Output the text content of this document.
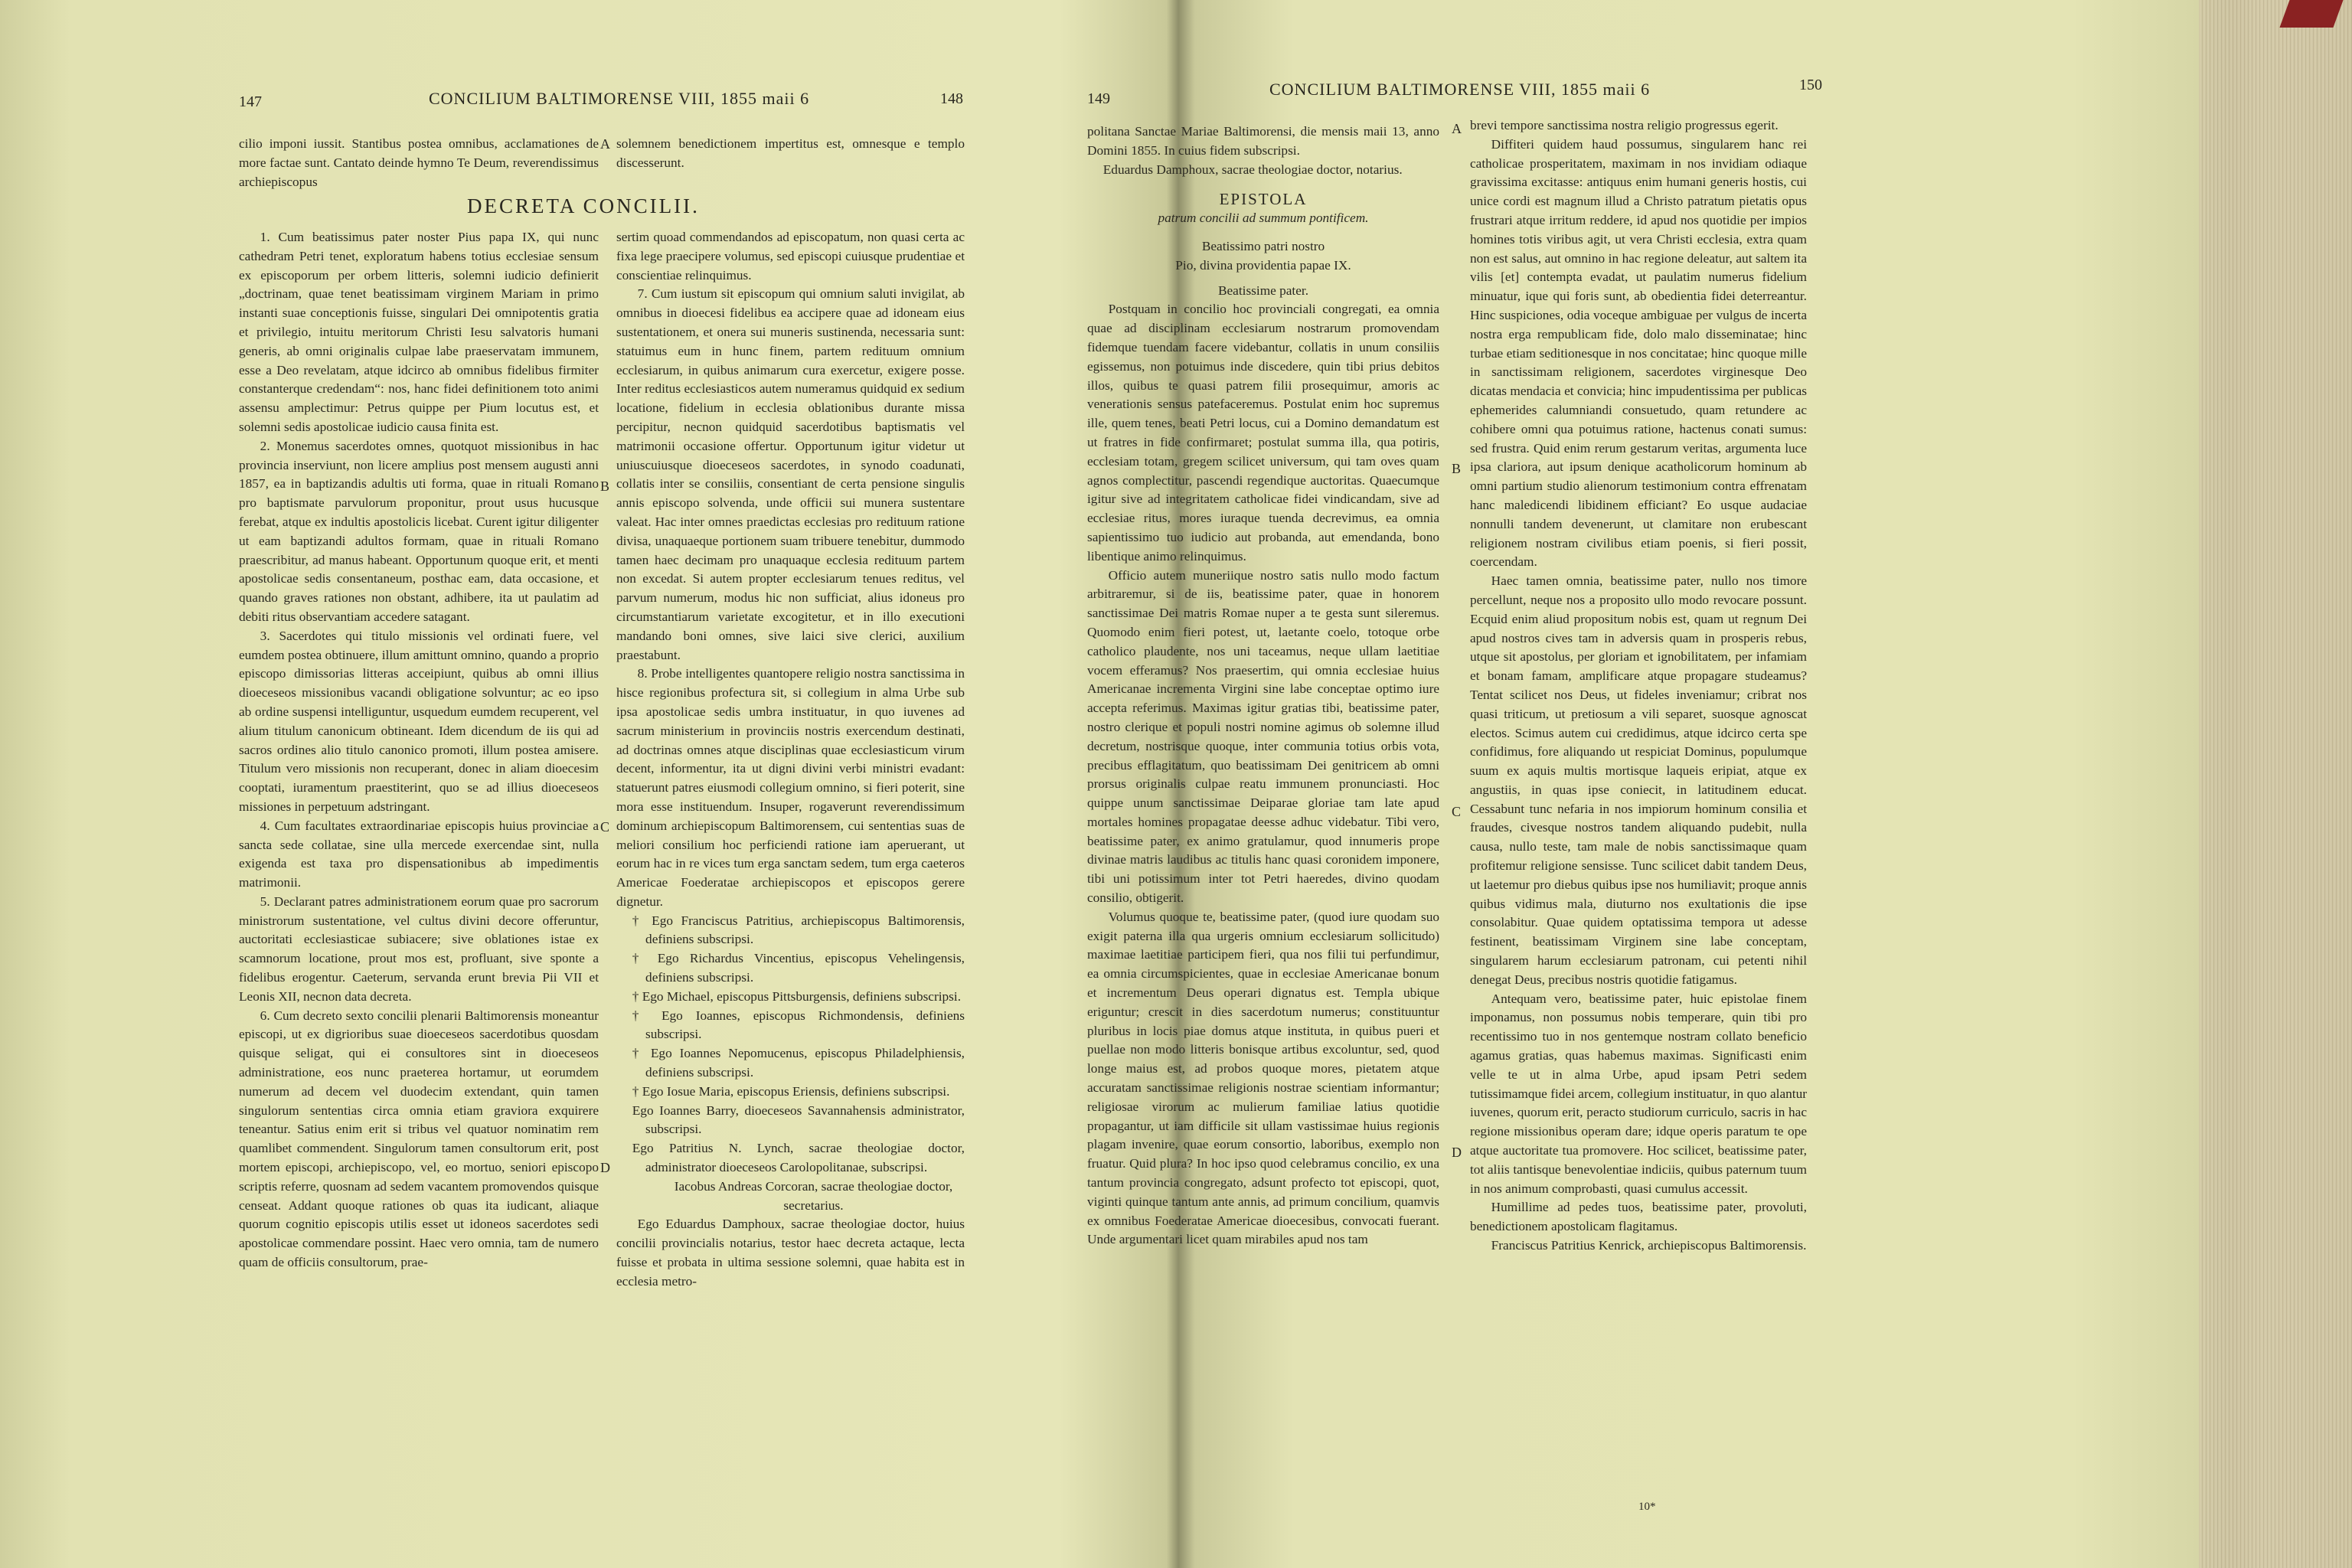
147	CONCILIUM BALTIMORENSE VIII, 1855 maii 6	148

cilio imponi iussit. Stantibus postea omnibus, acclamationes de more factae sunt. Cantato deinde hymno Te Deum, reverendissimus archiepiscopus

solemnem benedictionem impertitus est, omnesque e templo discesserunt.

DECRETA CONCILII.

1. Cum beatissimus pater noster Pius papa IX, qui nunc cathedram Petri tenet, exploratum habens totius ecclesiae sensum ex episcoporum per orbem litteris, solemni iudicio definierit „doctrinam, quae tenet beatissimam virginem Mariam in primo instanti suae conceptionis fuisse, singulari Dei omnipotentis gratia et privilegio, intuitu meritorum Christi Iesu salvatoris humani generis, ab omni originalis culpae labe praeservatam immunem, esse a Deo revelatam, atque idcirco ab omnibus fidelibus firmiter constanterque credendam“: nos, hanc fidei definitionem toto animi assensu amplectimur: Petrus quippe per Pium locutus est, et solemni sedis apostolicae iudicio causa finita est.

2. Monemus sacerdotes omnes, quotquot missionibus in hac provincia inserviunt, non licere amplius post mensem augusti anni 1857, ea in baptizandis adultis uti forma, quae in rituali Romano pro baptismate parvulorum proponitur, prout usus hucusque ferebat, atque ex indultis apostolicis licebat. Curent igitur diligenter ut eam baptizandi adultos formam, quae in rituali Romano praescribitur, ad manus habeant. Opportunum quoque erit, et menti apostolicae sedis consentaneum, posthac eam, data occasione, et quando graves rationes non obstant, adhibere, ita ut paulatim ad debiti ritus observantiam accedere satagant.

3. Sacerdotes qui titulo missionis vel ordinati fuere, vel eumdem postea obtinuere, illum amittunt omnino, quando a proprio episcopo dimissorias litteras acceipiunt, quibus ab omni illius dioeceseos missionibus vacandi obligatione solvuntur; ac eo ipso ab ordine suspensi intelliguntur, usquedum eumdem recuperent, vel alium titulum canonicum obtineant. Idem dicendum de iis qui ad sacros ordines alio titulo canonico promoti, illum postea amisere. Titulum vero missionis non recuperant, donec in aliam dioecesim cooptati, iuramentum praestiterint, quo se ad illius dioeceseos missiones in perpetuum adstringant.

4. Cum facultates extraordinariae episcopis huius provinciae a sancta sede collatae, sine ulla mercede exercendae sint, nulla exigenda est taxa pro dispensationibus ab impedimentis matrimonii.

5. Declarant patres administrationem eorum quae pro sacrorum ministrorum sustentatione, vel cultus divini decore offeruntur, auctoritati ecclesiasticae subiacere; sive oblationes istae ex scamnorum locatione, prout mos est, profluant, sive sponte a fidelibus erogentur. Caeterum, servanda erunt brevia Pii VII et Leonis XII, necnon data decreta.

6. Cum decreto sexto concilii plenarii Baltimorensis moneantur episcopi, ut ex digrioribus suae dioeceseos sacerdotibus quosdam quisque seligat, qui ei consultores sint in dioeceseos administratione, eos nunc praeterea hortamur, ut eorumdem numerum ad decem vel duodecim extendant, quin tamen singulorum sententias circa omnia etiam graviora exquirere teneantur. Satius enim erit si tribus vel quatuor nominatim rem quamlibet commendent. Singulorum tamen consultorum erit, post mortem episcopi, archiepiscopo, vel, eo mortuo, seniori episcopo scriptis referre, quosnam ad sedem vacantem promovendos quisque censeat. Addant quoque rationes ob quas ita iudicant, aliaque quorum cognitio episcopis utilis esset ut idoneos sacerdotes sedi apostolicae commendare possint. Haec vero omnia, tam de numero quam de officiis consultorum, prae-

sertim quoad commendandos ad episcopatum, non quasi certa ac fixa lege praecipere volumus, sed episcopi cuiusque prudentiae et conscientiae relinquimus.

7. Cum iustum sit episcopum qui omnium saluti invigilat, ab omnibus in dioecesi fidelibus ea accipere quae ad idoneam eius sustentationem, et onera sui muneris sustinenda, necessaria sunt: statuimus eum in hunc finem, partem redituum omnium ecclesiarum, in quibus animarum cura exercetur, exigere posse. Inter reditus ecclesiasticos autem numeramus quidquid ex sedium locatione, fidelium in ecclesia oblationibus durante missa percipitur, necnon quidquid sacerdotibus baptismatis vel matrimonii occasione offertur. Opportunum igitur videtur ut uniuscuiusque dioeceseos sacerdotes, in synodo coadunati, collatis inter se consiliis, consentiant de certa pensione singulis annis episcopo solvenda, unde officii sui munera sustentare valeat. Hac inter omnes praedictas ecclesias pro redituum ratione divisa, unaquaeque portionem suam tribuere tenebitur, dummodo tamen haec decimam pro unaquaque ecclesia redituum partem non excedat. Si autem propter ecclesiarum tenues reditus, vel parvum numerum, modus hic non sufficiat, alius idoneus pro circumstantiarum varietate excogitetur, et in illo executioni mandando boni omnes, sive laici sive clerici, auxilium praestabunt.

8. Probe intelligentes quantopere religio nostra sanctissima in hisce regionibus profectura sit, si collegium in alma Urbe sub ipsa apostolicae sedis umbra instituatur, in quo iuvenes ad sacrum ministerium in provinciis nostris exercendum destinati, ad doctrinas omnes atque disciplinas quae ecclesiasticum virum decent, informentur, ita ut digni divini verbi ministri evadant: statuerunt patres eiusmodi collegium omnino, si fieri poterit, sine mora esse instituendum. Insuper, rogaverunt reverendissimum dominum archiepiscopum Baltimorensem, cui sententias suas de meliori consilium hoc perficiendi ratione iam aperuerant, ut eorum hac in re vices tum erga sanctam sedem, tum erga caeteros Americae Foederatae archiepiscopos et episcopos gerere dignetur.

† Ego Franciscus Patritius, archiepiscopus Baltimorensis, definiens subscripsi.

† Ego Richardus Vincentius, episcopus Vehelingensis, definiens subscripsi.

† Ego Michael, episcopus Pittsburgensis, definiens subscripsi.

† Ego Ioannes, episcopus Richmondensis, definiens subscripsi.

† Ego Ioannes Nepomucenus, episcopus Philadelphiensis, definiens subscripsi.

† Ego Iosue Maria, episcopus Eriensis, definiens subscripsi.

Ego Ioannes Barry, dioeceseos Savannahensis administrator, subscripsi.

Ego Patritius N. Lynch, sacrae theologiae doctor, administrator dioeceseos Carolopolitanae, subscripsi.

Iacobus Andreas Corcoran, sacrae theologiae doctor, secretarius.

Ego Eduardus Damphoux, sacrae theologiae doctor, huius concilii provincialis notarius, testor haec decreta actaque, lecta fuisse et probata in ultima sessione solemni, quae habita est in ecclesia metro-

A
B
C
D
149	CONCILIUM BALTIMORENSE VIII, 1855 maii 6	150

politana Sanctae Mariae Baltimorensi, die mensis maii 13, anno Domini 1855. In cuius fidem subscripsi.

Eduardus Damphoux, sacrae theologiae doctor, notarius.

EPISTOLA
patrum concilii ad summum pontificem.
Beatissimo patri nostro
Pio, divina providentia papae IX.
Beatissime pater.

Postquam in concilio hoc provinciali congregati, ea omnia quae ad disciplinam ecclesiarum nostrarum promovendam fidemque tuendam facere videbantur, collatis in unum consiliis egissemus, non potuimus inde discedere, quin tibi prius debitos illos, quibus te quasi patrem filii prosequimur, amoris ac venerationis sensus patefaceremus. Postulat enim hoc supremus ille, quem tenes, beati Petri locus, cui a Domino demandatum est ut fratres in fide confirmaret; postulat summa illa, qua potiris, ecclesiam totam, gregem scilicet universum, qui tam oves quam agnos complectitur, pascendi regendique auctoritas. Quaecumque igitur sive ad integritatem catholicae fidei vindicandam, sive ad ecclesiae ritus, mores iuraque tuenda decrevimus, ea omnia sapientissimo tuo iudicio aut probanda, aut emendanda, bono libentique animo relinquimus.

Officio autem muneriique nostro satis nullo modo factum arbitraremur, si de iis, beatissime pater, quae in honorem sanctissimae Dei matris Romae nuper a te gesta sunt sileremus. Quomodo enim fieri potest, ut, laetante coelo, totoque orbe catholico plaudente, nos uni taceamus, neque ullam laetitiae vocem efferamus? Nos praesertim, qui omnia ecclesiae huius Americanae incrementa Virgini sine labe conceptae optimo iure accepta referimus. Maximas igitur gratias tibi, beatissime pater, nostro clerique et populi nostri nomine agimus ob solemne illud decretum, nostrisque quoque, inter communia totius orbis vota, precibus efflagitatum, quo beatissimam Dei genitricem ab omni prorsus originalis culpae reatu immunem pronunciasti. Hoc quippe unum sanctissimae Deiparae gloriae tam late apud mortales homines propagatae deesse adhuc videbatur. Tibi vero, beatissime pater, ex animo gratulamur, quod innumeris prope divinae matris laudibus ac titulis hanc quasi coronidem imponere, tibi uni potissimum inter tot Petri haeredes, divino quodam consilio, obtigerit.

Volumus quoque te, beatissime pater, (quod iure quodam suo exigit paterna illa qua urgeris omnium ecclesiarum sollicitudo) maximae laetitiae participem fieri, qua nos filii tui perfundimur, ea omnia circumspicientes, quae in ecclesiae Americanae bonum et incrementum Deus operari dignatus est. Templa ubique eriguntur; crescit in dies sacerdotum numerus; constituuntur pluribus in locis piae domus atque instituta, in quibus pueri et puellae non modo litteris bonisque artibus excoluntur, sed, quod longe maius est, ad probos quoque mores, pietatem atque accuratam sanctissimae religionis nostrae scientiam informantur; religiosae virorum ac mulierum familiae latius quotidie propagantur, ut iam difficile sit ullam vastissimae huius regionis plagam invenire, quae eorum consortio, laboribus, exemplo non fruatur. Quid plura? In hoc ipso quod celebramus concilio, ex una tantum provincia congregato, adsunt profecto tot episcopi, quot, viginti quinque tantum ante annis, ad primum concilium, quamvis ex omnibus Foederatae Americae dioecesibus, convocati fuerant. Unde argumentari licet quam mirabiles apud nos tam

brevi tempore sanctissima nostra religio progressus egerit.

Diffiteri quidem haud possumus, singularem hanc rei catholicae prosperitatem, maximam in nos invidiam odiaque gravissima excitasse: antiquus enim humani generis hostis, cui unice cordi est magnum illud a Christo patratum pietatis opus frustrari atque irritum reddere, id apud nos quotidie per impios homines totis viribus agit, ut vera Christi ecclesia, extra quam non est salus, aut omnino in hac regione deleatur, aut saltem ita vilis [et] contempta evadat, ut paulatim numerus fidelium minuatur, ique qui foris sunt, ab obedientia fidei deterreantur. Hinc suspiciones, odia voceque ambiguae per vulgus de incerta nostra erga rempublicam fide, dolo malo disseminatae; hinc turbae etiam seditionesque in nos concitatae; hinc quoque mille in sanctissimam religionem, sacerdotes virginesque Deo dicatas mendacia et convicia; hinc impudentissima per publicas ephemerides calumniandi consuetudo, quam retundere ac cohibere omni qua potuimus ratione, hactenus conati sumus: sed frustra. Quid enim rerum gestarum veritas, argumenta luce ipsa clariora, aut ipsum denique acatholicorum hominum ab omni partium studio alienorum testimonium contra effrenatam hanc maledicendi libidinem efficiant? Eo usque audaciae nonnulli tandem devenerunt, ut clamitare non erubescant religionem nostram civilibus etiam poenis, si fieri possit, coercendam.

Haec tamen omnia, beatissime pater, nullo nos timore percellunt, neque nos a proposito ullo modo revocare possunt. Ecquid enim aliud propositum nobis est, quam ut regnum Dei apud nostros cives tam in adversis quam in prosperis rebus, utque sit apostolus, per gloriam et ignobilitatem, per infamiam et bonam famam, amplificare atque propagare studeamus? Tentat scilicet nos Deus, ut fideles inveniamur; cribrat nos quasi triticum, ut pretiosum a vili separet, suosque agnoscat electos. Scimus autem cui credidimus, atque idcirco certa spe confidimus, fore aliquando ut respiciat Dominus, populumque suum ex aquis multis mortisque laqueis eripiat, atque ex angustiis, in quas ipse coniecit, in latitudinem educat. Cessabunt tunc nefaria in nos impiorum hominum consilia et fraudes, civesque nostros tandem aliquando pudebit, nulla causa, nullo teste, tam male de nobis sanctissimaque quam profitemur religione sensisse. Tunc scilicet dabit tandem Deus, ut laetemur pro diebus quibus ipse nos humiliavit; proque annis quibus vidimus mala, diuturno nos exultationis die ipse consolabitur. Quae quidem optatissima tempora ut adesse festinent, beatissimam Virginem sine labe conceptam, singularem harum ecclesiarum patronam, cui petenti nihil denegat Deus, precibus nostris quotidie fatigamus.

Antequam vero, beatissime pater, huic epistolae finem imponamus, non possumus nobis temperare, quin tibi pro recentissimo tuo in nos gentemque nostram collato beneficio agamus gratias, quas habemus maximas. Significasti enim velle te ut in alma Urbe, apud ipsam Petri sedem tutissimamque fidei arcem, collegium instituatur, in quo alantur iuvenes, quorum erit, peracto studiorum curriculo, sacris in hac regione missionibus operam dare; idque operis paratum te ope atque auctoritate tua promovere. Hoc scilicet, beatissime pater, tot aliis tantisque benevolentiae indiciis, quibus paternum tuum in nos animum comprobasti, quasi cumulus accessit.

Humillime ad pedes tuos, beatissime pater, provoluti, benedictionem apostolicam flagitamus.

Franciscus Patritius Kenrick, archiepiscopus Baltimorensis.

10*
A
B
C
D
